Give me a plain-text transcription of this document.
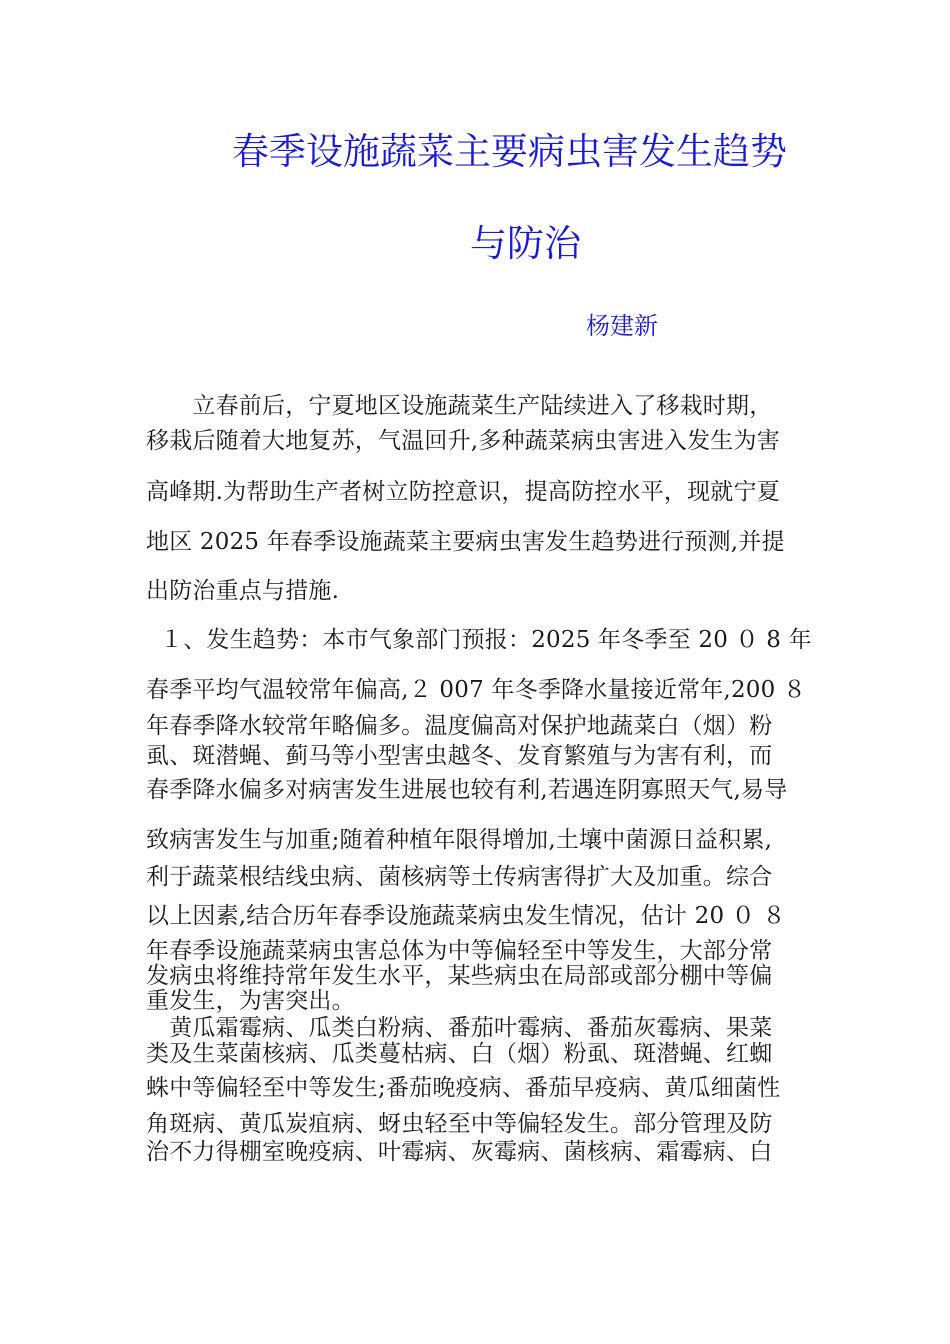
春季设施蔬菜主要病虫害发生趋势
与防治
杨建新
　　立春前后，宁夏地区设施蔬菜生产陆续进入了移栽时期，
移栽后随着大地复苏，气温回升,多种蔬菜病虫害进入发生为害
高峰期.为帮助生产者树立防控意识，提高防控水平，现就宁夏
地区 2025 年春季设施蔬菜主要病虫害发生趋势进行预测,并提
出防治重点与措施.
１、发生趋势：本市气象部门预报：2025 年冬季至 20 ０ 8 年
春季平均气温较常年偏高,２ 007 年冬季降水量接近常年,200 ８
年春季降水较常年略偏多。温度偏高对保护地蔬菜白（烟）粉
虱、斑潜蝇、蓟马等小型害虫越冬、发育繁殖与为害有利，而
春季降水偏多对病害发生进展也较有利,若遇连阴寡照天气,易导
致病害发生与加重;随着种植年限得增加,土壤中菌源日益积累,
利于蔬菜根结线虫病、菌核病等土传病害得扩大及加重。综合
以上因素,结合历年春季设施蔬菜病虫发生情况，估计 20 ０ ８
年春季设施蔬菜病虫害总体为中等偏轻至中等发生，大部分常
发病虫将维持常年发生水平，某些病虫在局部或部分棚中等偏
重发生，为害突出。
　黄瓜霜霉病、瓜类白粉病、番茄叶霉病、番茄灰霉病、果菜
类及生菜菌核病、瓜类蔓枯病、白（烟）粉虱、斑潜蝇、红蜘
蛛中等偏轻至中等发生;番茄晚疫病、番茄早疫病、黄瓜细菌性
角斑病、黄瓜炭疽病、蚜虫轻至中等偏轻发生。部分管理及防
治不力得棚室晚疫病、叶霉病、灰霉病、菌核病、霜霉病、白
